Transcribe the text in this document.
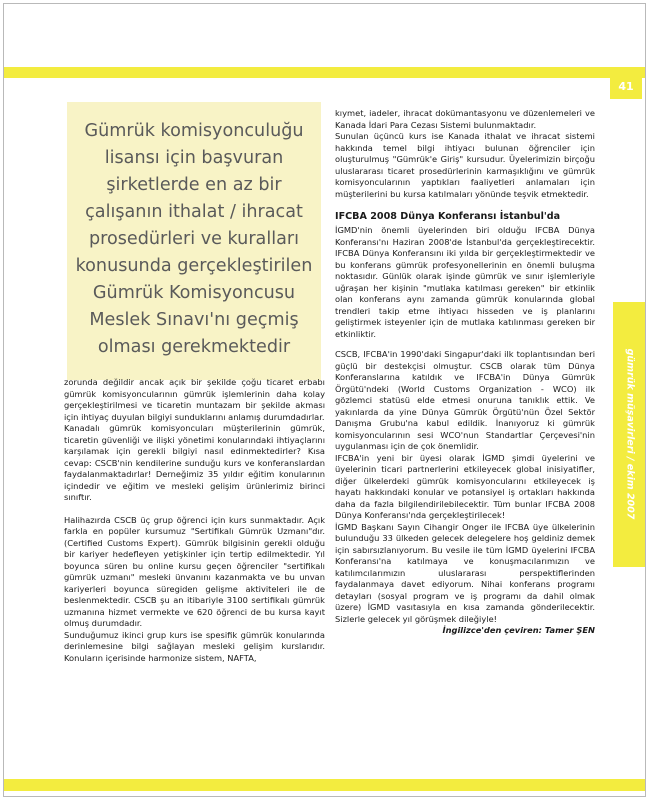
41
gümrük müşavirleri / ekim 2007
Gümrük komisyonculuğu lisansı için başvuran şirketlerde en az bir çalışanın ithalat / ihracat prosedürleri ve kuralları konusunda gerçekleştirilen Gümrük Komisyoncusu Meslek Sınavı'nı geçmiş olması gerekmektedir

zorunda değildir ancak açık bir şekilde çoğu ticaret erbabı gümrük komisyoncularının gümrük işlemlerinin daha kolay gerçekleştirilmesi ve ticaretin muntazam bir şekilde akması için ihtiyaç duyulan bilgiyi sunduklarını anlamış durumdadırlar.

Kanadalı gümrük komisyoncuları müşterilerinin gümrük, ticaretin güvenliği ve ilişki yönetimi konularındaki ihtiyaçlarını karşılamak için gerekli bilgiyi nasıl edinmektedirler? Kısa cevap: CSCB'nin kendilerine sunduğu kurs ve konferanslardan faydalanmaktadırlar! Derneğimiz 35 yıldır eğitim konularının içindedir ve eğitim ve mesleki gelişim ürünlerimiz birinci sınıftır.

Halihazırda CSCB üç grup öğrenci için kurs sunmaktadır. Açık farkla en popüler kursumuz "Sertifikalı Gümrük Uzmanı"dır. (Certified Customs Expert). Gümrük bilgisinin gerekli olduğu bir kariyer hedefleyen yetişkinler için tertip edilmektedir. Yıl boyunca süren bu online kursu geçen öğrenciler "sertifikalı gümrük uzmanı" mesleki ünvanını kazanmakta ve bu unvan kariyerleri boyunca süregiden gelişme aktiviteleri ile de beslenmektedir. CSCB şu an itibariyle 3100 sertifikalı gümrük uzmanına hizmet vermekte ve 620 öğrenci de bu kursa kayıt olmuş durumdadır.

Sunduğumuz ikinci grup kurs ise spesifik gümrük konularında derinlemesine bilgi sağlayan mesleki gelişim kurslarıdır. Konuların içerisinde harmonize sistem, NAFTA,

kıymet, iadeler, ihracat dokümantasyonu ve düzenlemeleri ve Kanada İdari Para Cezası Sistemi bulunmaktadır.

Sunulan üçüncü kurs ise Kanada ithalat ve ihracat sistemi hakkında temel bilgi ihtiyacı bulunan öğrenciler için oluşturulmuş "Gümrük'e Giriş" kursudur. Üyelerimizin birçoğu uluslararası ticaret prosedürlerinin karmaşıklığını ve gümrük komisyoncularının yaptıkları faaliyetleri anlamaları için müşterilerini bu kursa katılmaları yönünde teşvik etmektedir.

IFCBA 2008 Dünya Konferansı İstanbul'da

İGMD'nin önemli üyelerinden biri olduğu IFCBA Dünya Konferansı'nı Haziran 2008'de İstanbul'da gerçekleştirecektir. IFCBA Dünya Konferansını iki yılda bir gerçekleştirmektedir ve bu konferans gümrük profesyonellerinin en önemli buluşma noktasıdır. Günlük olarak işinde gümrük ve sınır işlemleriyle uğraşan her kişinin "mutlaka katılması gereken" bir etkinlik olan konferans aynı zamanda gümrük konularında global trendleri takip etme ihtiyacı hisseden ve iş planlarını geliştirmek isteyenler için de mutlaka katılınması gereken bir etkinliktir.

CSCB, IFCBA'in 1990'daki Singapur'daki ilk toplantısından beri güçlü bir destekçisi olmuştur. CSCB olarak tüm Dünya Konferanslarına katıldık ve IFCBA'in Dünya Gümrük Örgütü'ndeki (World Customs Organization - WCO) ilk gözlemci statüsü elde etmesi onuruna tanıklık ettik. Ve yakınlarda da yine Dünya Gümrük Örgütü'nün Özel Sektör Danışma Grubu'na kabul edildik. İnanıyoruz ki gümrük komisyoncularının sesi WCO'nun Standartlar Çerçevesi'nin uygulanması için de çok önemlidir.

IFCBA'in yeni bir üyesi olarak İGMD şimdi üyelerini ve üyelerinin ticari partnerlerini etkileyecek global inisiyatifler, diğer ülkelerdeki gümrük komisyoncularını etkileyecek iş hayatı hakkındaki konular ve potansiyel iş ortakları hakkında daha da fazla bilgilendirilebilecektir. Tüm bunlar IFCBA 2008 Dünya Konferansı'nda gerçekleştirilecek!

İGMD Başkanı Sayın Cihangir Onger ile IFCBA üye ülkelerinin bulunduğu 33 ülkeden gelecek delegelere hoş geldiniz demek için sabırsızlanıyorum. Bu vesile ile tüm İGMD üyelerini IFCBA Konferansı'na katılmaya ve konuşmacılarımızın ve katılımcılarımızın uluslararası perspektiflerinden faydalanmaya davet ediyorum. Nihai konferans programı detayları (sosyal program ve iş programı da dahil olmak üzere) İGMD vasıtasıyla en kısa zamanda gönderilecektir. Sizlerle gelecek yıl görüşmek dileğiyle!

İngilizce'den çeviren: Tamer ŞEN
